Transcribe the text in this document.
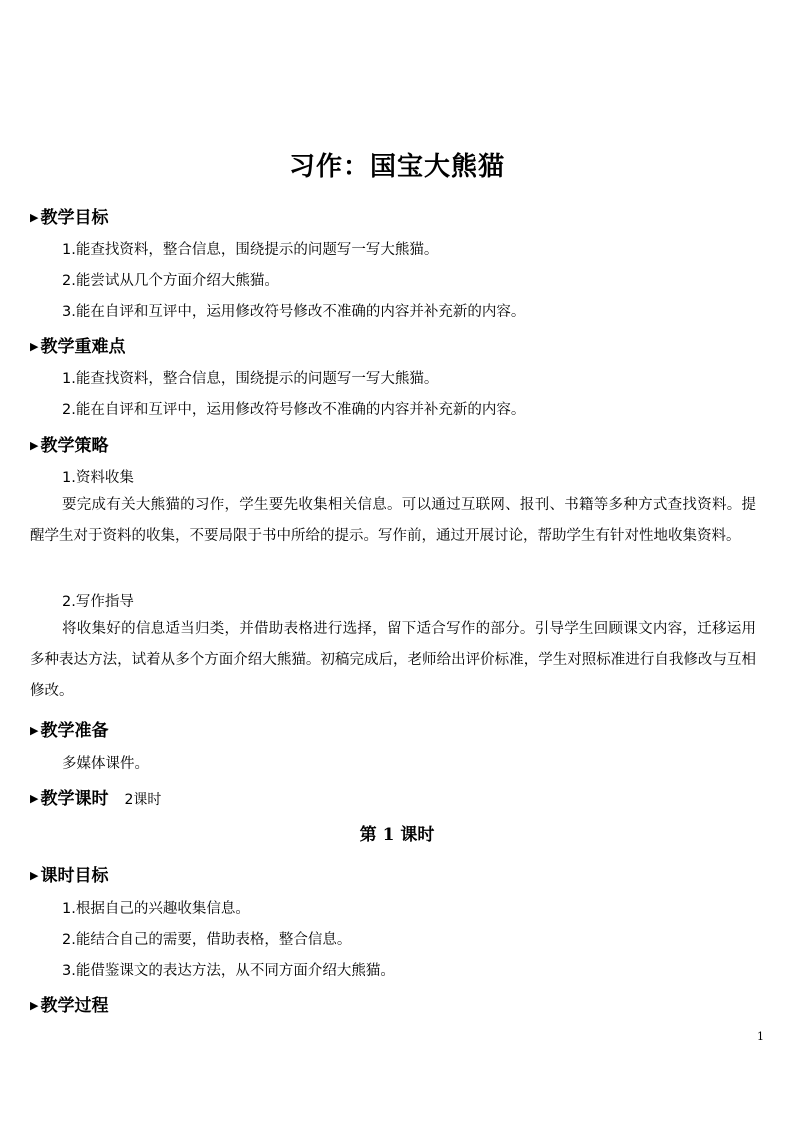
习作：国宝大熊猫
▶ 教学目标
1.能查找资料，整合信息，围绕提示的问题写一写大熊猫。
2.能尝试从几个方面介绍大熊猫。
3.能在自评和互评中，运用修改符号修改不准确的内容并补充新的内容。
▶ 教学重难点
1.能查找资料，整合信息，围绕提示的问题写一写大熊猫。
2.能在自评和互评中，运用修改符号修改不准确的内容并补充新的内容。
▶ 教学策略
1.资料收集
要完成有关大熊猫的习作，学生要先收集相关信息。可以通过互联网、报刊、书籍等多种方式查找资料。提醒学生对于资料的收集，不要局限于书中所给的提示。写作前，通过开展讨论，帮助学生有针对性地收集资料。
2.写作指导
将收集好的信息适当归类，并借助表格进行选择，留下适合写作的部分。引导学生回顾课文内容，迁移运用多种表达方法，试着从多个方面介绍大熊猫。初稿完成后，老师给出评价标准，学生对照标准进行自我修改与互相修改。
▶ 教学准备
多媒体课件。
▶ 教学课时 2课时
第 1 课时
▶ 课时目标
1.根据自己的兴趣收集信息。
2.能结合自己的需要，借助表格，整合信息。
3.能借鉴课文的表达方法，从不同方面介绍大熊猫。
▶ 教学过程
1
